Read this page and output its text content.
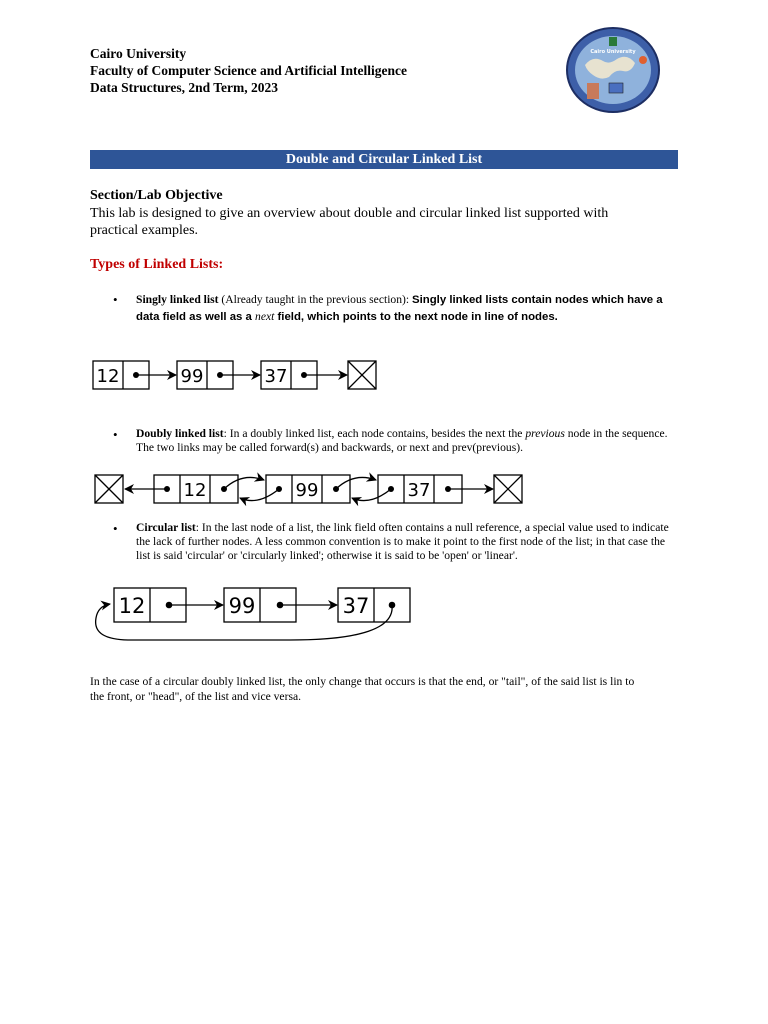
Cairo University
Faculty of Computer Science and Artificial Intelligence
Data Structures, 2nd Term, 2023
Cairo University
Double and Circular Linked List
Section/Lab Objective
This lab is designed to give an overview about double and circular linked list supported with practical examples.
Types of Linked Lists:
• Singly linked list (Already taught in the previous section): Singly linked lists contain nodes which have a data field as well as a next field, which points to the next node in line of nodes.
12	99	37
• Doubly linked list: In a doubly linked list, each node contains, besides the next the previous node in the sequence. The two links may be called forward(s) and backwards, or next and prev(previous).
12	99	37
• Circular list: In the last node of a list, the link field often contains a null reference, a special value used to indicate the lack of further nodes. A less common convention is to make it point to the first node of the list; in that case the list is said 'circular' or 'circularly linked'; otherwise it is said to be 'open' or 'linear'.
12	99	37
In the case of a circular doubly linked list, the only change that occurs is that the end, or "tail", of the said list is lin to the front, or "head", of the list and vice versa.
